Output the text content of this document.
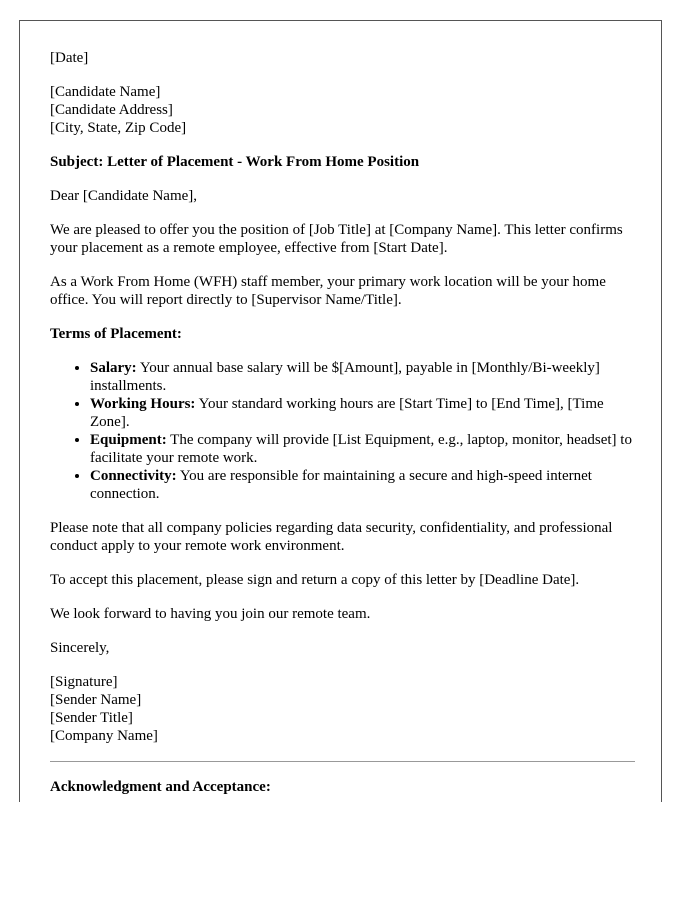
[Date]

[Candidate Name]
[Candidate Address]
[City, State, Zip Code]

Subject: Letter of Placement - Work From Home Position

Dear [Candidate Name],

We are pleased to offer you the position of [Job Title] at [Company Name]. This letter confirms your placement as a remote employee, effective from [Start Date].

As a Work From Home (WFH) staff member, your primary work location will be your home office. You will report directly to [Supervisor Name/Title].

Terms of Placement:

• Salary: Your annual base salary will be $[Amount], payable in [Monthly/Bi-weekly] installments.
• Working Hours: Your standard working hours are [Start Time] to [End Time], [Time Zone].
• Equipment: The company will provide [List Equipment, e.g., laptop, monitor, headset] to facilitate your remote work.
• Connectivity: You are responsible for maintaining a secure and high-speed internet connection.

Please note that all company policies regarding data security, confidentiality, and professional conduct apply to your remote work environment.

To accept this placement, please sign and return a copy of this letter by [Deadline Date].

We look forward to having you join our remote team.

Sincerely,

[Signature]
[Sender Name]
[Sender Title]
[Company Name]

Acknowledgment and Acceptance:
